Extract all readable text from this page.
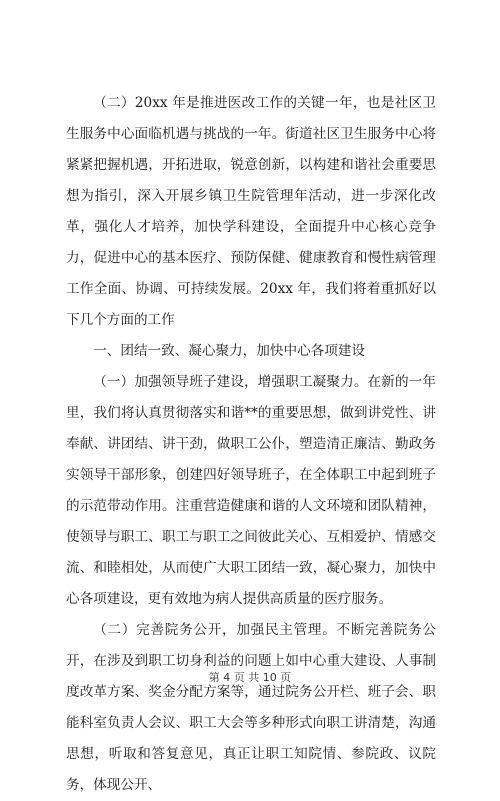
（二）20xx 年是推进医改工作的关键一年，也是社区卫生服务中心面临机遇与挑战的一年。街道社区卫生服务中心将紧紧把握机遇，开拓进取，锐意创新，以构建和谐社会重要思想为指引，深入开展乡镇卫生院管理年活动，进一步深化改革，强化人才培养，加快学科建设，全面提升中心核心竞争力，促进中心的基本医疗、预防保健、健康教育和慢性病管理工作全面、协调、可持续发展。20xx 年，我们将着重抓好以下几个方面的工作

一、团结一致、凝心聚力，加快中心各项建设

（一）加强领导班子建设，增强职工凝聚力。在新的一年里，我们将认真贯彻落实和谐**的重要思想，做到讲党性、讲奉献、讲团结、讲干劲，做职工公仆，塑造清正廉洁、勤政务实领导干部形象，创建四好领导班子，在全体职工中起到班子的示范带动作用。注重营造健康和谐的人文环境和团队精神，使领导与职工、职工与职工之间彼此关心、互相爱护、情感交流、和睦相处，从而使广大职工团结一致，凝心聚力，加快中心各项建设，更有效地为病人提供高质量的医疗服务。

（二）完善院务公开，加强民主管理。不断完善院务公开，在涉及到职工切身利益的问题上如中心重大建设、人事制度改革方案、奖金分配方案等，通过院务公开栏、班子会、职能科室负责人会议、职工大会等多种形式向职工讲清楚，沟通思想，听取和答复意见，真正让职工知院情、参院政、议院务，体现公开、

第 4 页 共 10 页
